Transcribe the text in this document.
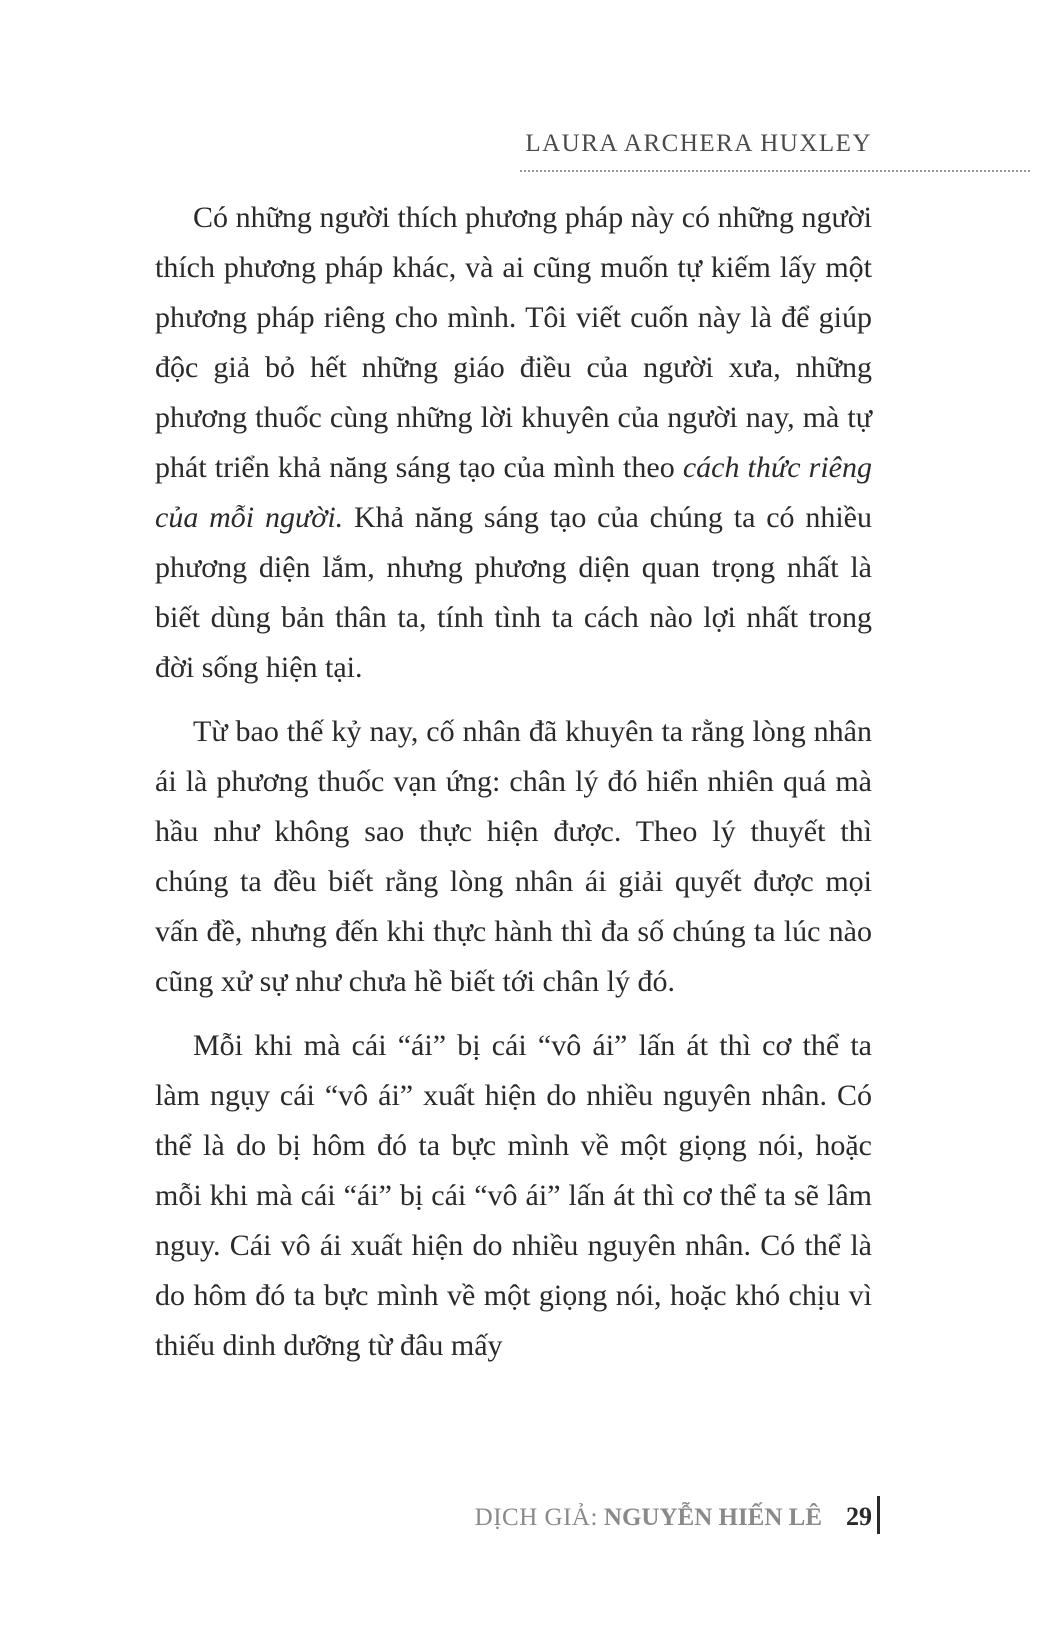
LAURA ARCHERA HUXLEY

Có những người thích phương pháp này có những người thích phương pháp khác, và ai cũng muốn tự kiếm lấy một phương pháp riêng cho mình. Tôi viết cuốn này là để giúp độc giả bỏ hết những giáo điều của người xưa, những phương thuốc cùng những lời khuyên của người nay, mà tự phát triển khả năng sáng tạo của mình theo cách thức riêng của mỗi người. Khả năng sáng tạo của chúng ta có nhiều phương diện lắm, nhưng phương diện quan trọng nhất là biết dùng bản thân ta, tính tình ta cách nào lợi nhất trong đời sống hiện tại.

Từ bao thế kỷ nay, cố nhân đã khuyên ta rằng lòng nhân ái là phương thuốc vạn ứng: chân lý đó hiển nhiên quá mà hầu như không sao thực hiện được. Theo lý thuyết thì chúng ta đều biết rằng lòng nhân ái giải quyết được mọi vấn đề, nhưng đến khi thực hành thì đa số chúng ta lúc nào cũng xử sự như chưa hề biết tới chân lý đó.

Mỗi khi mà cái “ái” bị cái “vô ái” lấn át thì cơ thể ta làm ngụy cái “vô ái” xuất hiện do nhiều nguyên nhân. Có thể là do bị hôm đó ta bực mình về một giọng nói, hoặc mỗi khi mà cái “ái” bị cái “vô ái” lấn át thì cơ thể ta sẽ lâm nguy. Cái vô ái xuất hiện do nhiều nguyên nhân. Có thể là do hôm đó ta bực mình về một giọng nói, hoặc khó chịu vì thiếu dinh dưỡng từ đâu mấy

DỊCH GIẢ: NGUYỄN HIẾN LÊ 29
